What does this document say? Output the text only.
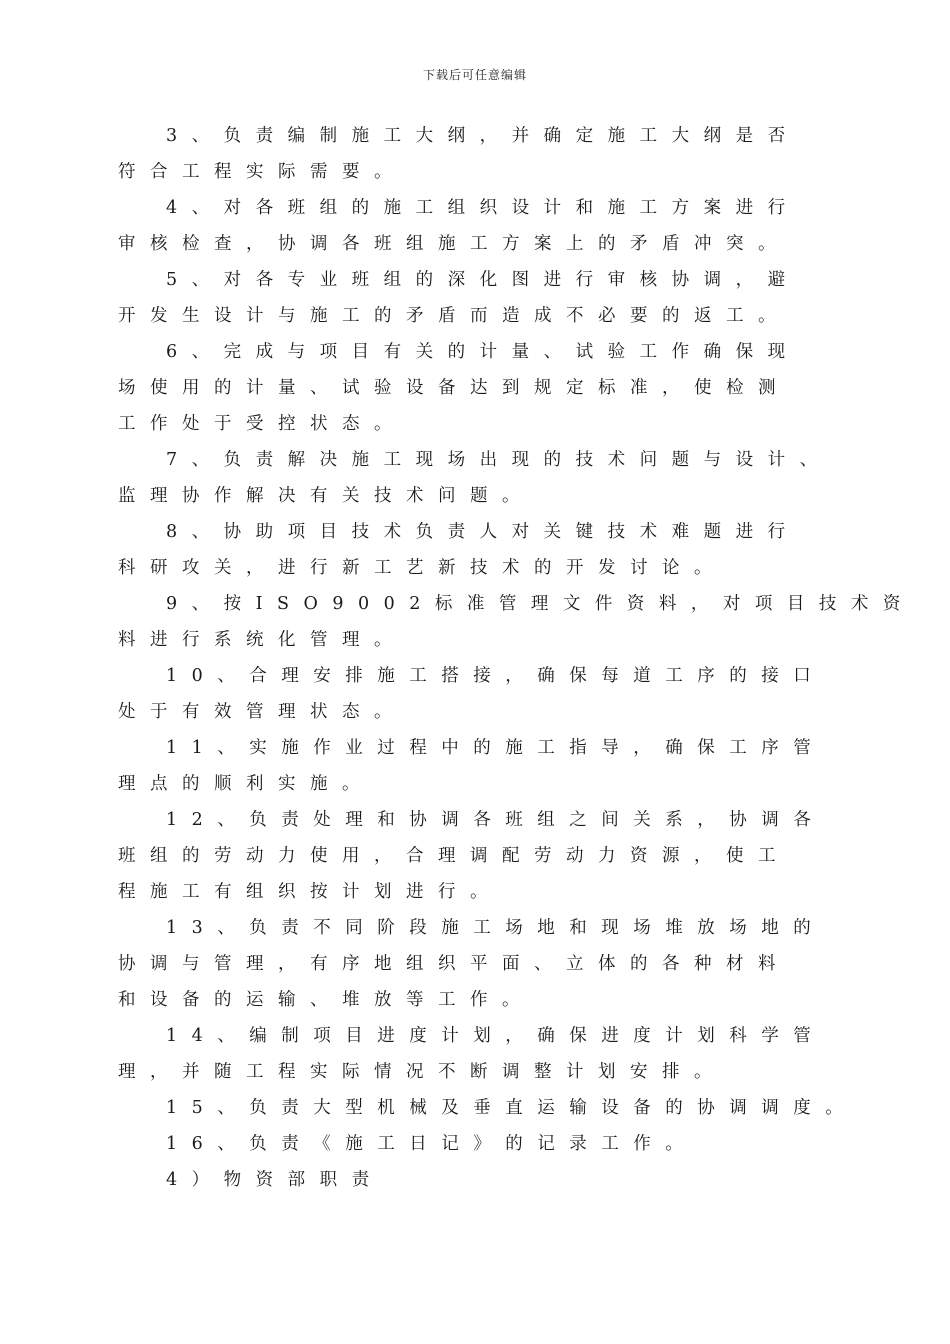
下载后可任意编辑
3、负责编制施工大纲，并确定施工大纲是否
符合工程实际需要。
4、对各班组的施工组织设计和施工方案进行
审核检查，协调各班组施工方案上的矛盾冲突。
5、对各专业班组的深化图进行审核协调，避
开发生设计与施工的矛盾而造成不必要的返工。
6、完成与项目有关的计量、试验工作确保现
场使用的计量、试验设备达到规定标准，使检测
工作处于受控状态。
7、负责解决施工现场出现的技术问题与设计、
监理协作解决有关技术问题。
8、协助项目技术负责人对关键技术难题进行
科研攻关，进行新工艺新技术的开发讨论。
9、按ISO9002标准管理文件资料，对项目技术资
料进行系统化管理。
10、合理安排施工搭接，确保每道工序的接口
处于有效管理状态。
11、实施作业过程中的施工指导，确保工序管
理点的顺利实施。
12、负责处理和协调各班组之间关系，协调各
班组的劳动力使用，合理调配劳动力资源，使工
程施工有组织按计划进行。
13、负责不同阶段施工场地和现场堆放场地的
协调与管理，有序地组织平面、立体的各种材料
和设备的运输、堆放等工作。
14、编制项目进度计划，确保进度计划科学管
理，并随工程实际情况不断调整计划安排。
15、负责大型机械及垂直运输设备的协调调度。
16、负责《施工日记》的记录工作。
4）物资部职责
